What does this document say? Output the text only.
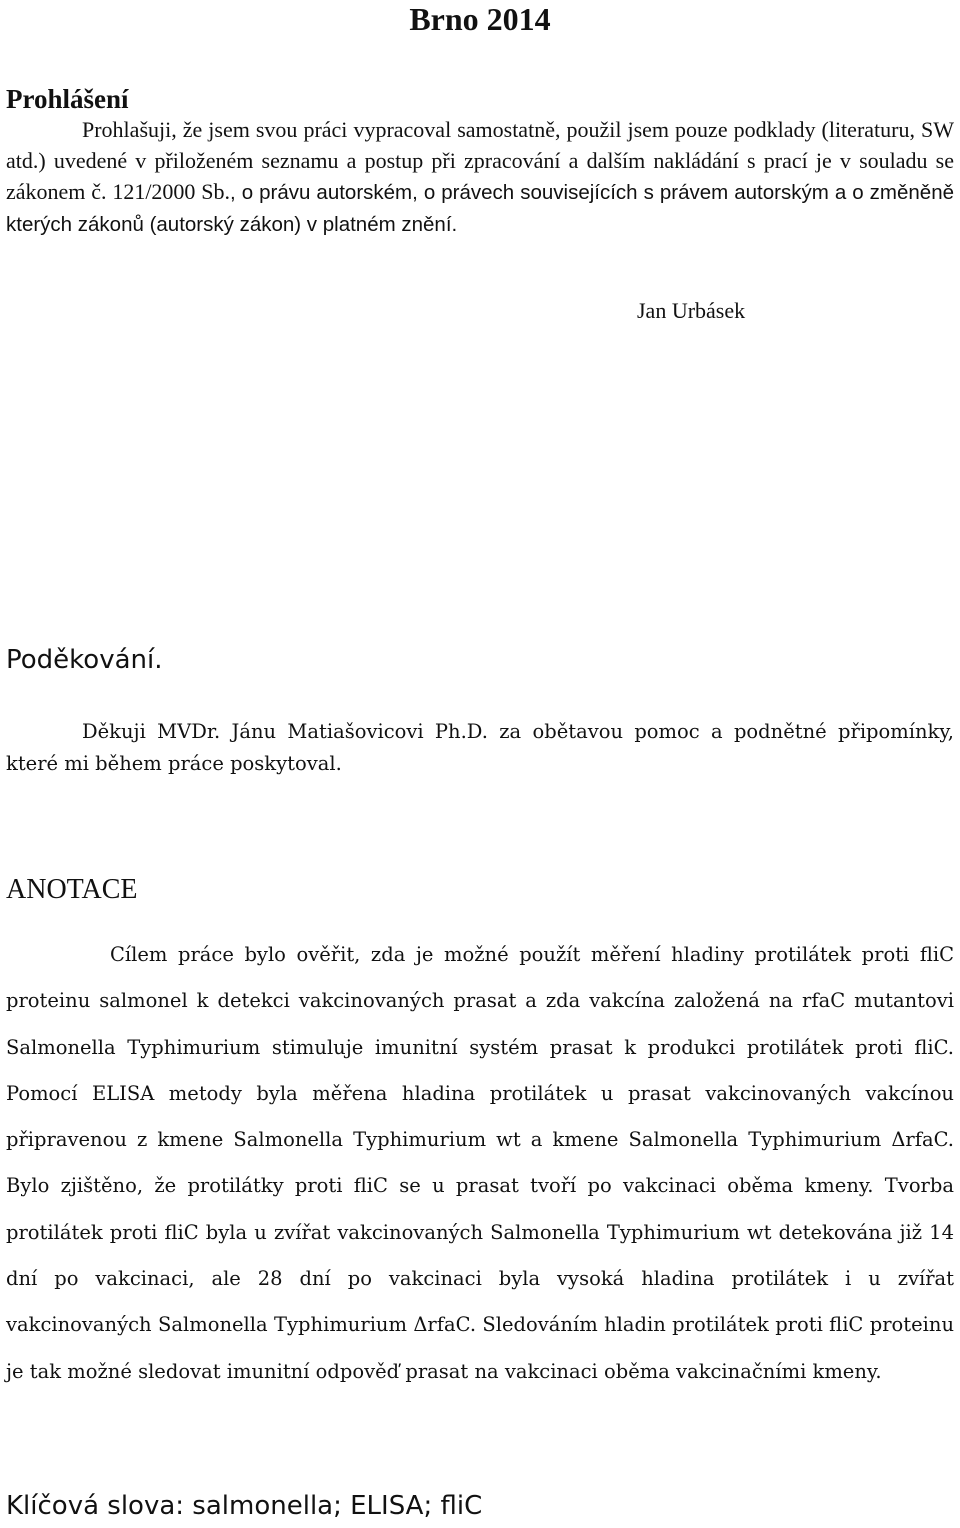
Brno 2014
Prohlášení
Prohlašuji, že jsem svou práci vypracoval samostatně, použil jsem pouze podklady (literaturu, SW atd.) uvedené v přiloženém seznamu a postup při zpracování a dalším nakládání s prací je v souladu se zákonem č. 121/2000 Sb., o právu autorském, o právech souvisejících s právem autorským a o změněně kterých zákonů (autorský zákon) v platném znění.
Jan Urbásek
Poděkování.
Děkuji MVDr. Jánu Matiašovicovi Ph.D. za obětavou pomoc a podnětné připomínky, které mi během práce poskytoval.
ANOTACE
Cílem práce bylo ověřit, zda je možné použít měření hladiny protilátek proti fliC proteinu salmonel k detekci vakcinovaných prasat a zda vakcína založená na rfaC mutantovi Salmonella Typhimurium stimuluje imunitní systém prasat k produkci protilátek proti fliC. Pomocí ELISA metody byla měřena hladina protilátek u prasat vakcinovaných vakcínou připravenou z kmene Salmonella Typhimurium wt a kmene Salmonella Typhimurium ΔrfaC. Bylo zjištěno, že protilátky proti fliC se u prasat tvoří po vakcinaci oběma kmeny. Tvorba protilátek proti fliC byla u zvířat vakcinovaných Salmonella Typhimurium wt detekována již 14 dní po vakcinaci, ale 28 dní po vakcinaci byla vysoká hladina protilátek i u zvířat vakcinovaných Salmonella Typhimurium ΔrfaC. Sledováním hladin protilátek proti fliC proteinu je tak možné sledovat imunitní odpověď prasat na vakcinaci oběma vakcinačními kmeny.
Klíčová slova: salmonella; ELISA; fliC
